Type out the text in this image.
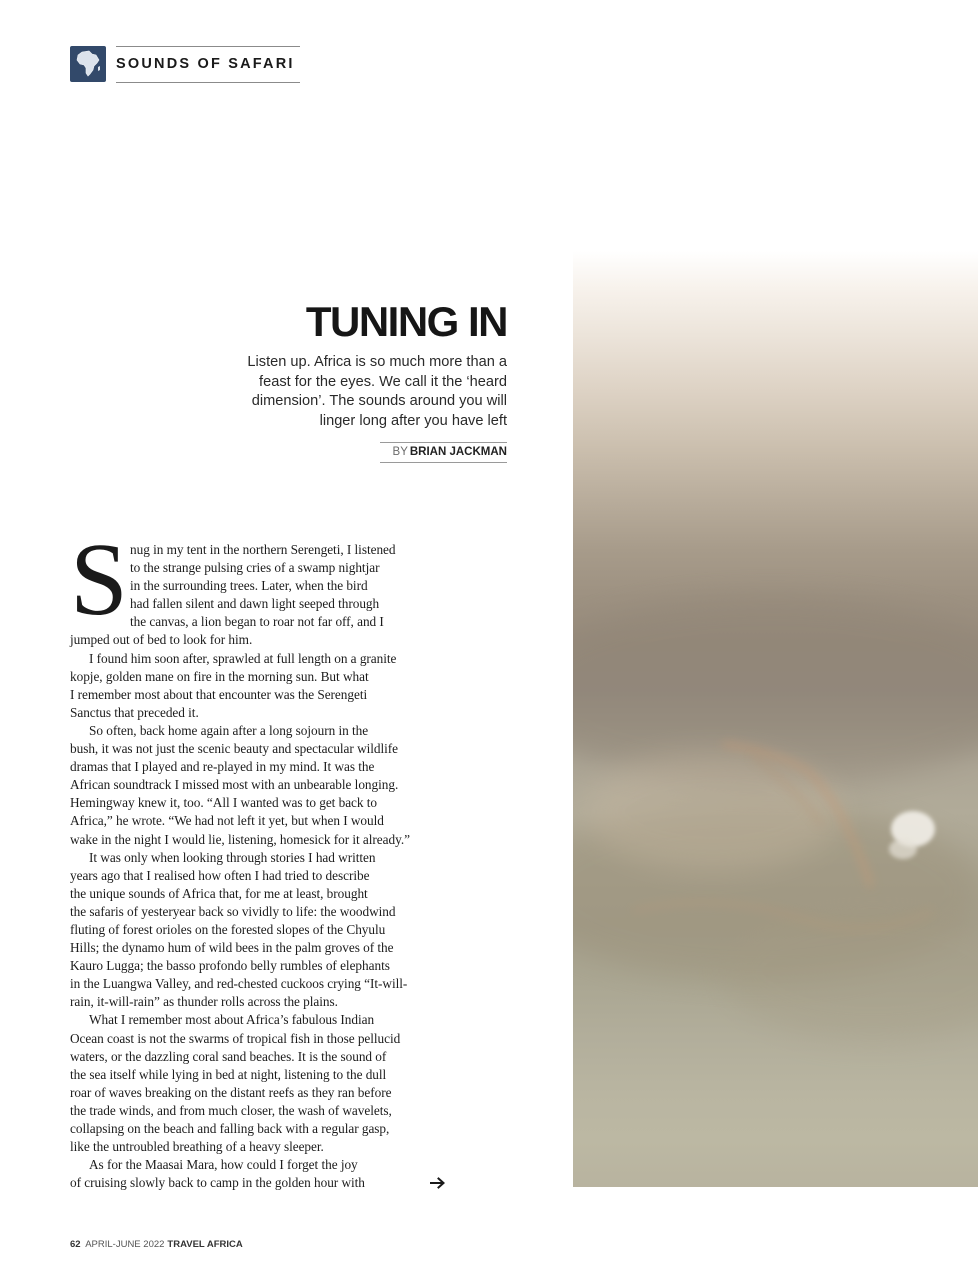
SOUNDS OF SAFARI
TUNING IN
Listen up. Africa is so much more than a feast for the eyes. We call it the ‘heard dimension’. The sounds around you will linger long after you have left
BY BRIAN JACKMAN
S nug in my tent in the northern Serengeti, I listened
to the strange pulsing cries of a swamp nightjar
in the surrounding trees. Later, when the bird
had fallen silent and dawn light seeped through
the canvas, a lion began to roar not far off, and I
jumped out of bed to look for him.
I found him soon after, sprawled at full length on a granite
kopje, golden mane on fire in the morning sun. But what
I remember most about that encounter was the Serengeti
Sanctus that preceded it.
So often, back home again after a long sojourn in the
bush, it was not just the scenic beauty and spectacular wildlife
dramas that I played and re-played in my mind. It was the
African soundtrack I missed most with an unbearable longing.
Hemingway knew it, too. “All I wanted was to get back to
Africa,” he wrote. “We had not left it yet, but when I would
wake in the night I would lie, listening, homesick for it already.”
It was only when looking through stories I had written
years ago that I realised how often I had tried to describe
the unique sounds of Africa that, for me at least, brought
the safaris of yesteryear back so vividly to life: the woodwind
fluting of forest orioles on the forested slopes of the Chyulu
Hills; the dynamo hum of wild bees in the palm groves of the
Kauro Lugga; the basso profondo belly rumbles of elephants
in the Luangwa Valley, and red-chested cuckoos crying “It-will-
rain, it-will-rain” as thunder rolls across the plains.
What I remember most about Africa’s fabulous Indian
Ocean coast is not the swarms of tropical fish in those pellucid
waters, or the dazzling coral sand beaches. It is the sound of
the sea itself while lying in bed at night, listening to the dull
roar of waves breaking on the distant reefs as they ran before
the trade winds, and from much closer, the wash of wavelets,
collapsing on the beach and falling back with a regular gasp,
like the untroubled breathing of a heavy sleeper.
As for the Maasai Mara, how could I forget the joy
of cruising slowly back to camp in the golden hour with
62 APRIL-JUNE 2022 TRAVEL AFRICA
